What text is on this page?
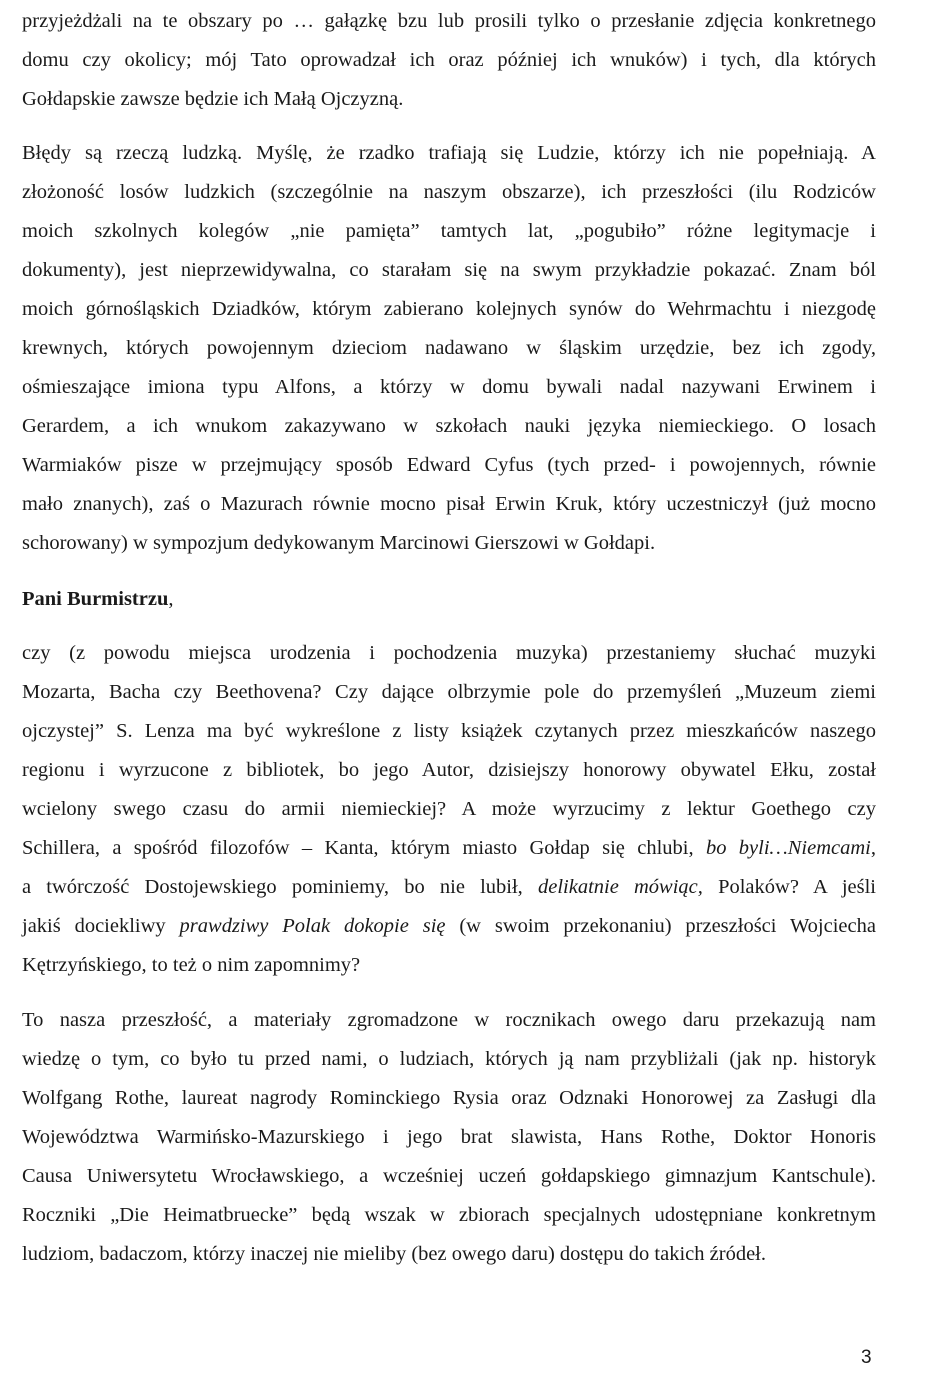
przyjeżdżali na te obszary po … gałązkę bzu lub prosili tylko o przesłanie zdjęcia konkretnego
domu czy okolicy; mój Tato oprowadzał ich oraz później ich wnuków) i tych, dla których
Gołdapskie zawsze będzie ich Małą Ojczyzną.
Błędy są rzeczą ludzką. Myślę, że rzadko trafiają się Ludzie, którzy ich nie popełniają. A
złożoność losów ludzkich (szczególnie na naszym obszarze), ich przeszłości (ilu Rodziców
moich szkolnych kolegów „nie pamięta” tamtych lat, „pogubiło” różne legitymacje i
dokumenty), jest nieprzewidywalna, co starałam się na swym przykładzie pokazać. Znam ból
moich górnośląskich Dziadków, którym zabierano kolejnych synów do Wehrmachtu i niezgodę
krewnych, których powojennym dzieciom nadawano w śląskim urzędzie, bez ich zgody,
ośmieszające imiona typu Alfons, a którzy w domu bywali nadal nazywani Erwinem i
Gerardem, a ich wnukom zakazywano w szkołach nauki języka niemieckiego. O losach
Warmiaków pisze w przejmujący sposób Edward Cyfus (tych przed- i powojennych, równie
mało znanych), zaś o Mazurach równie mocno pisał Erwin Kruk, który uczestniczył (już mocno
schorowany) w sympozjum dedykowanym Marcinowi Gierszowi w Gołdapi.
Pani Burmistrzu,
czy (z powodu miejsca urodzenia i pochodzenia muzyka) przestaniemy słuchać muzyki
Mozarta, Bacha czy Beethovena? Czy dające olbrzymie pole do przemyśleń „Muzeum ziemi
ojczystej” S. Lenza ma być wykreślone z listy książek czytanych przez mieszkańców naszego
regionu i wyrzucone z bibliotek, bo jego Autor, dzisiejszy honorowy obywatel Ełku, został
wcielony swego czasu do armii niemieckiej? A może wyrzucimy z lektur Goethego czy
Schillera, a spośród filozofów – Kanta, którym miasto Gołdap się chlubi, bo byli…Niemcami,
a twórczość Dostojewskiego pominiemy, bo nie lubił, delikatnie mówiąc, Polaków? A jeśli
jakiś dociekliwy prawdziwy Polak dokopie się (w swoim przekonaniu) przeszłości Wojciecha
Kętrzyńskiego, to też o nim zapomnimy?
To nasza przeszłość, a materiały zgromadzone w rocznikach owego daru przekazują nam
wiedzę o tym, co było tu przed nami, o ludziach, których ją nam przybliżali (jak np. historyk
Wolfgang Rothe, laureat nagrody Rominckiego Rysia oraz Odznaki Honorowej za Zasługi dla
Województwa Warmińsko-Mazurskiego i jego brat slawista, Hans Rothe, Doktor Honoris
Causa Uniwersytetu Wrocławskiego, a wcześniej uczeń gołdapskiego gimnazjum Kantschule).
Roczniki „Die Heimatbruecke” będą wszak w zbiorach specjalnych udostępniane konkretnym
ludziom, badaczom, którzy inaczej nie mieliby (bez owego daru) dostępu do takich źródeł.
3
